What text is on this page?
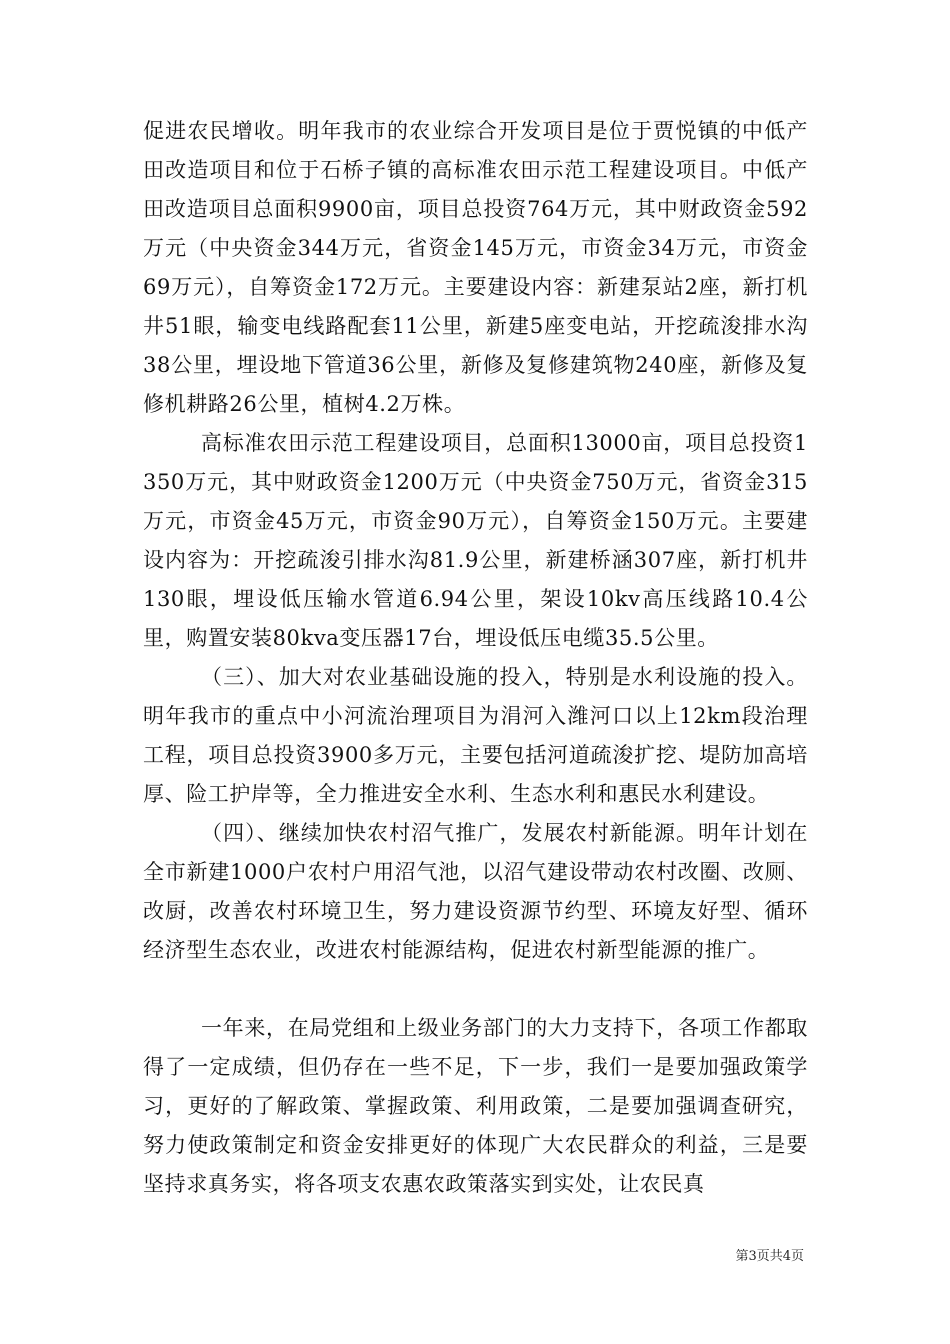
促进农民增收。明年我市的农业综合开发项目是位于贾悦镇的中低产田改造项目和位于石桥子镇的高标准农田示范工程建设项目。中低产田改造项目总面积9900亩，项目总投资764万元，其中财政资金592万元（中央资金344万元，省资金145万元，市资金34万元，市资金69万元），自筹资金172万元。主要建设内容：新建泵站2座，新打机井51眼，输变电线路配套11公里，新建5座变电站，开挖疏浚排水沟38公里，埋设地下管道36公里，新修及复修建筑物240座，新修及复修机耕路26公里，植树4.2万株。

高标准农田示范工程建设项目，总面积13000亩，项目总投资1350万元，其中财政资金1200万元（中央资金750万元，省资金315万元，市资金45万元，市资金90万元），自筹资金150万元。主要建设内容为：开挖疏浚引排水沟81.9公里，新建桥涵307座，新打机井130眼，埋设低压输水管道6.94公里，架设10kv高压线路10.4公里，购置安装80kva变压器17台，埋设低压电缆35.5公里。

（三）、加大对农业基础设施的投入，特别是水利设施的投入。明年我市的重点中小河流治理项目为涓河入潍河口以上12km段治理工程，项目总投资3900多万元，主要包括河道疏浚扩挖、堤防加高培厚、险工护岸等，全力推进安全水利、生态水利和惠民水利建设。

（四）、继续加快农村沼气推广，发展农村新能源。明年计划在全市新建1000户农村户用沼气池，以沼气建设带动农村改圈、改厕、改厨，改善农村环境卫生，努力建设资源节约型、环境友好型、循环经济型生态农业，改进农村能源结构，促进农村新型能源的推广。

一年来，在局党组和上级业务部门的大力支持下，各项工作都取得了一定成绩，但仍存在一些不足，下一步，我们一是要加强政策学习，更好的了解政策、掌握政策、利用政策，二是要加强调查研究，努力使政策制定和资金安排更好的体现广大农民群众的利益，三是要坚持求真务实，将各项支农惠农政策落实到实处，让农民真

第3页共4页
